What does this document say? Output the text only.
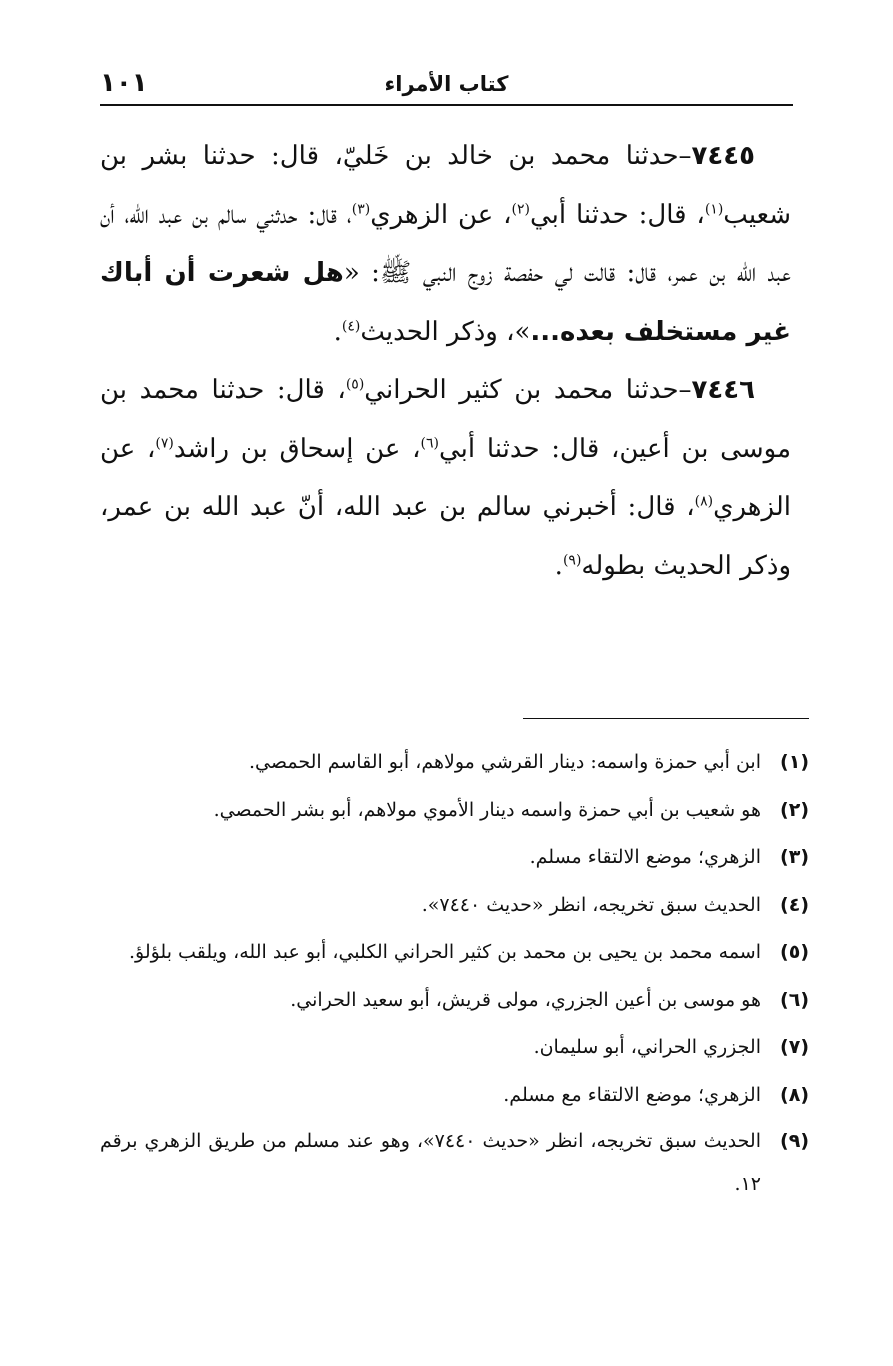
كتاب الأمراء
١٠١

٧٤٤٥–حدثنا محمد بن خالد بن خَليّ، قال: حدثنا بشر بن شعيب$^{(١)}$، قال: حدثنا أبي$^{(٢)}$، عن الزهري$^{(٣)}$، قال: حدثني سالم بن عبد الله، أن عبد الله بن عمر، قال: قالت لي حفصة زوج النبي ﷺ: «هل شعرت أن أباك غير مستخلف بعده...»، وذكر الحديث$^{(٤)}$.

٧٤٤٦–حدثنا محمد بن كثير الحراني$^{(٥)}$، قال: حدثنا محمد بن موسى بن أعين، قال: حدثنا أبي$^{(٦)}$، عن إسحاق بن راشد$^{(٧)}$، عن الزهري$^{(٨)}$، قال: أخبرني سالم بن عبد الله، أنّ عبد الله بن عمر، وذكر الحديث بطوله$^{(٩)}$.

(١)
ابن أبي حمزة واسمه: دينار القرشي مولاهم، أبو القاسم الحمصي.
(٢)
هو شعيب بن أبي حمزة واسمه دينار الأموي مولاهم، أبو بشر الحمصي.
(٣)
الزهري؛ موضع الالتقاء مسلم.
(٤)
الحديث سبق تخريجه، انظر «حديث ٧٤٤٠».
(٥)
اسمه محمد بن يحيى بن محمد بن كثير الحراني الكلبي، أبو عبد الله، ويلقب بلؤلؤ.
(٦)
هو موسى بن أعين الجزري، مولى قريش، أبو سعيد الحراني.
(٧)
الجزري الحراني، أبو سليمان.
(٨)
الزهري؛ موضع الالتقاء مع مسلم.
(٩)
الحديث سبق تخريجه، انظر «حديث ٧٤٤٠»، وهو عند مسلم من طريق الزهري برقم ١٢.
